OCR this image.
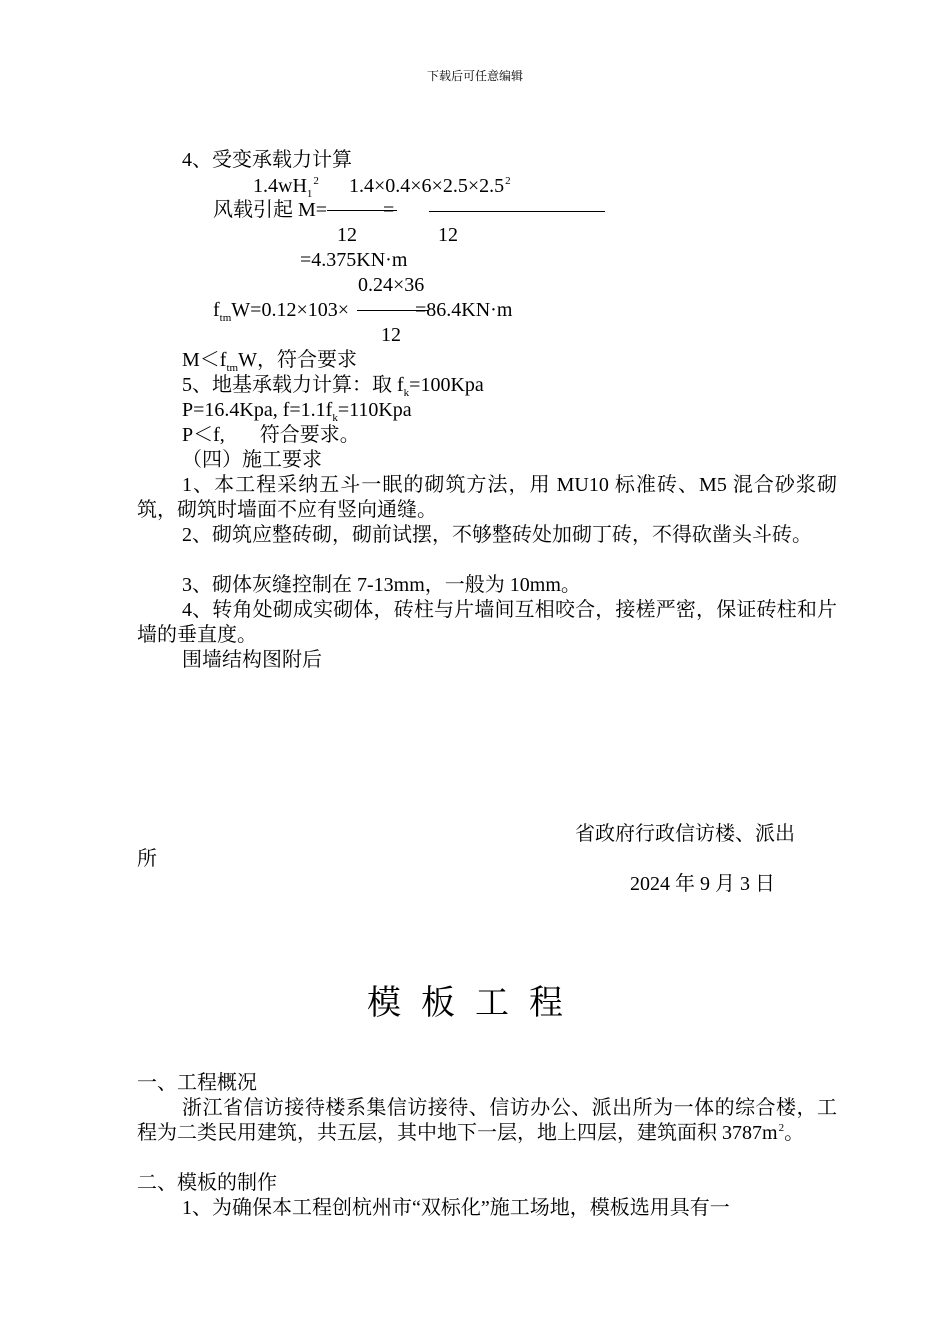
下载后可任意编辑
4、受变承载力计算
$1.4wH_1^2$ $1.4\times 0.4\times 6\times 2.5\times 2.5^2$
风载引起 M=	=
12	12
=4.375KN·m
0.24×36
$f_{tm}W=0.12\times 103\times$	=86.4KN·m
12
$M<f_{tm}W$，符合要求
5、地基承载力计算：取 $f_k=100Kpa$
P=16.4Kpa, $f=1.1f_k=110Kpa$
P＜f,       符合要求。
（四）施工要求
1、本工程采纳五斗一眠的砌筑方法，用 MU10 标准砖、M5 混合砂浆砌筑，砌筑时墙面不应有竖向通缝。
2、砌筑应整砖砌，砌前试摆，不够整砖处加砌丁砖，不得砍凿头斗砖。
3、砌体灰缝控制在 7-13mm，一般为 10mm。
4、转角处砌成实砌体，砖柱与片墙间互相咬合，接槎严密，保证砖柱和片墙的垂直度。
围墙结构图附后
省政府行政信访楼、派出
所
2024 年 9 月 3 日
模板工程
一、工程概况
浙江省信访接待楼系集信访接待、信访办公、派出所为一体的综合楼，工程为二类民用建筑，共五层，其中地下一层，地上四层，建筑面积 $3787m^2$。
二、模板的制作
1、为确保本工程创杭州市“双标化”施工场地，模板选用具有一
